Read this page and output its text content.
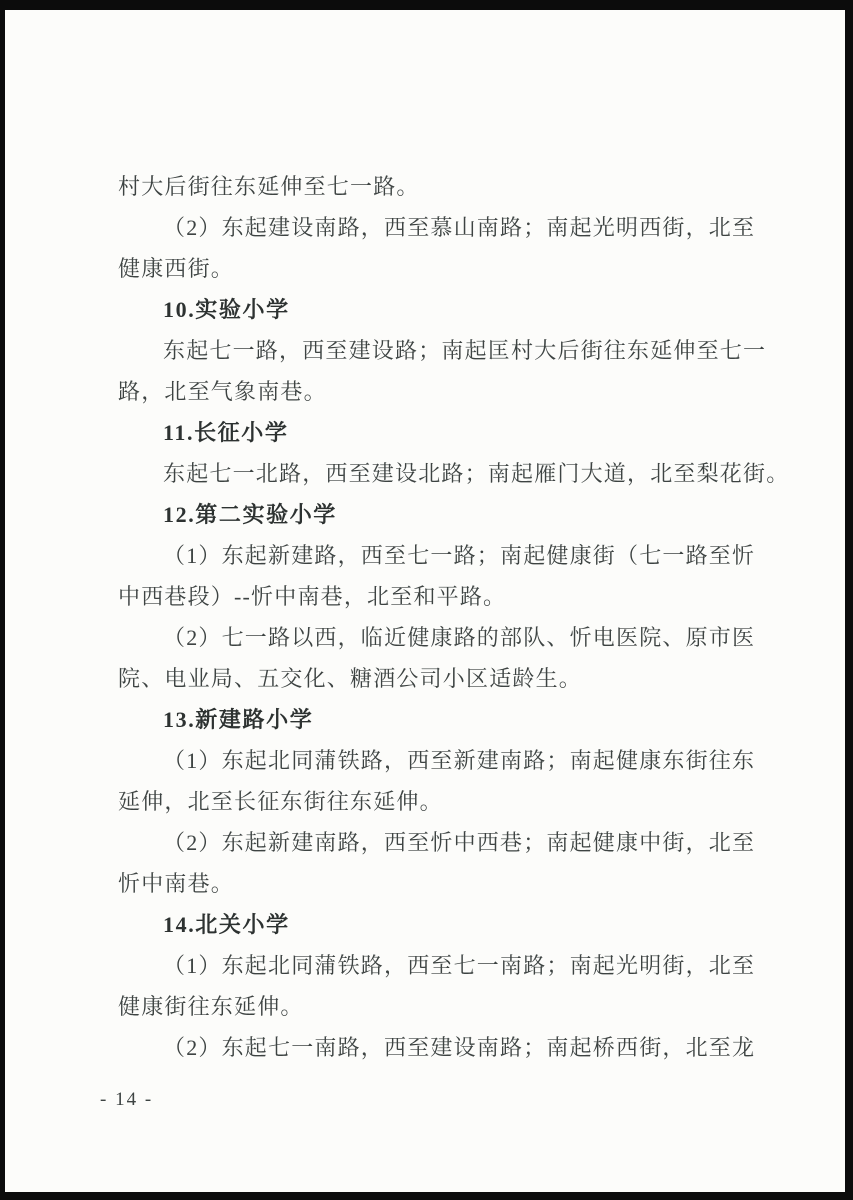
村大后街往东延伸至七一路。
（2）东起建设南路，西至慕山南路；南起光明西街，北至
健康西街。
10.实验小学
东起七一路，西至建设路；南起匡村大后街往东延伸至七一
路，北至气象南巷。
11.长征小学
东起七一北路，西至建设北路；南起雁门大道，北至梨花街。
12.第二实验小学
（1）东起新建路，西至七一路；南起健康街（七一路至忻
中西巷段）--忻中南巷，北至和平路。
（2）七一路以西，临近健康路的部队、忻电医院、原市医
院、电业局、五交化、糖酒公司小区适龄生。
13.新建路小学
（1）东起北同蒲铁路，西至新建南路；南起健康东街往东
延伸，北至长征东街往东延伸。
（2）东起新建南路，西至忻中西巷；南起健康中街，北至
忻中南巷。
14.北关小学
（1）东起北同蒲铁路，西至七一南路；南起光明街，北至
健康街往东延伸。
（2）东起七一南路，西至建设南路；南起桥西街，北至龙
- 14 -
